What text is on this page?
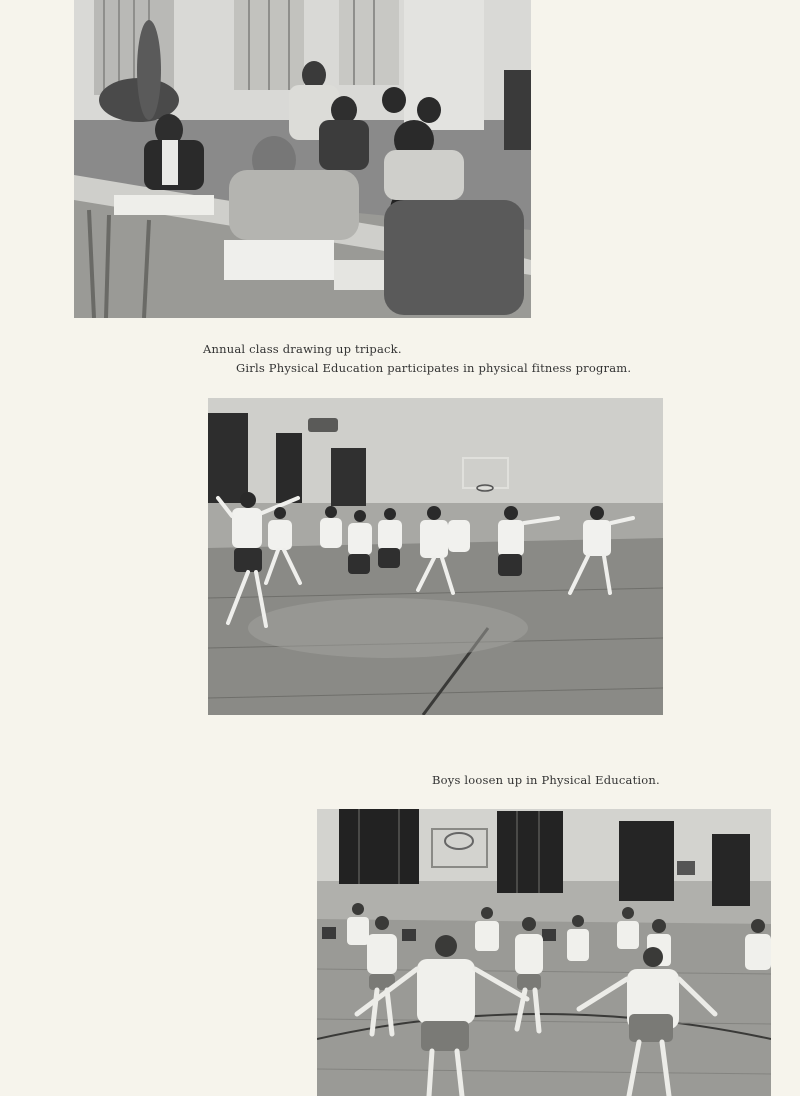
Annual class drawing up tripack.
Girls Physical Education participates in physical fitness program.
Boys loosen up in Physical Education.
